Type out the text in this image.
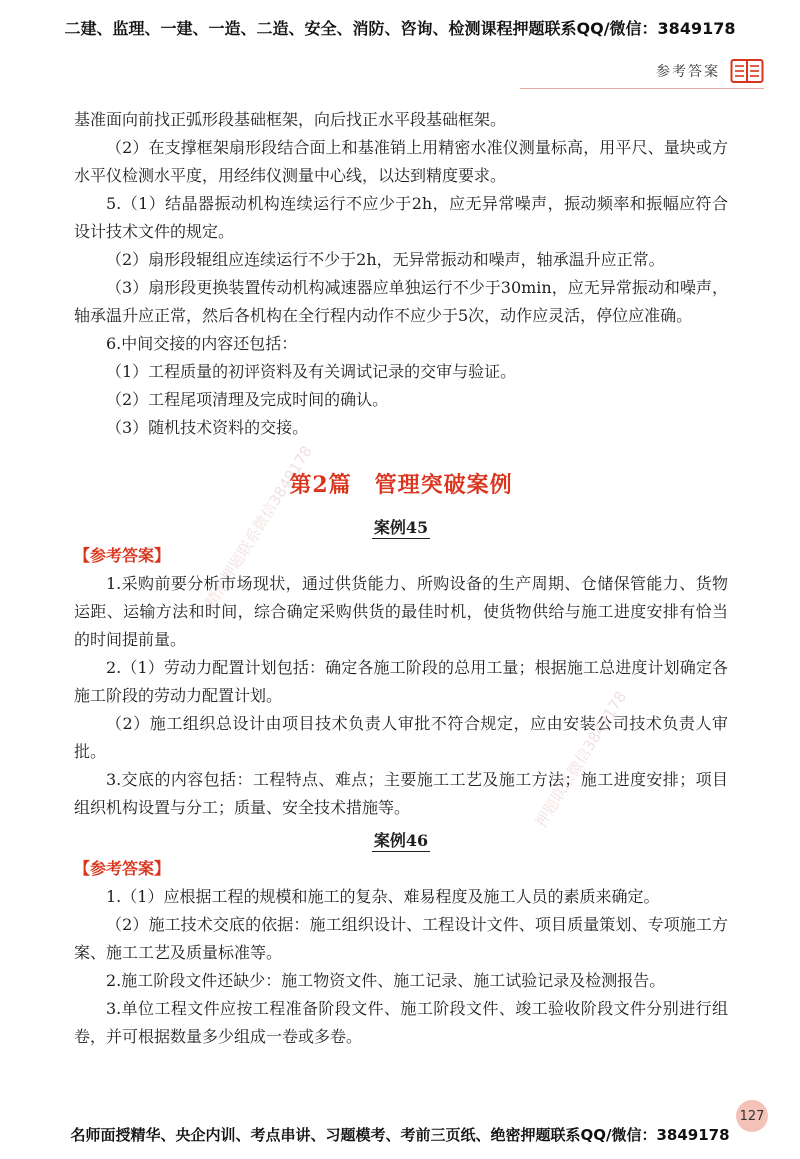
二建、监理、一建、一造、二造、安全、消防、咨询、检测课程押题联系QQ/微信：3849178
参考答案
精准押题联系微信3849178
押题联系微信3849178

基准面向前找正弧形段基础框架，向后找正水平段基础框架。

（2）在支撑框架扇形段结合面上和基准销上用精密水准仪测量标高，用平尺、量块或方水平仪检测水平度，用经纬仪测量中心线，以达到精度要求。

5.（1）结晶器振动机构连续运行不应少于2h，应无异常噪声，振动频率和振幅应符合 设计技术文件的规定。

（2）扇形段辊组应连续运行不少于2h，无异常振动和噪声，轴承温升应正常。

（3）扇形段更换装置传动机构减速器应单独运行不少于30min，应无异常振动和噪声，轴承温升应正常，然后各机构在全行程内动作不应少于5次，动作应灵活，停位应准确。

6.中间交接的内容还包括：

（1）工程质量的初评资料及有关调试记录的交审与验证。

（2）工程尾项清理及完成时间的确认。

（3）随机技术资料的交接。

第2篇　管理突破案例
案例45
【参考答案】

1.采购前要分析市场现状，通过供货能力、所购设备的生产周期、仓储保管能力、货物运距、运输方法和时间，综合确定采购供货的最佳时机，使货物供给与施工进度安排有恰当的时间提前量。

2.（1）劳动力配置计划包括：确定各施工阶段的总用工量；根据施工总进度计划确定各施工阶段的劳动力配置计划。

（2）施工组织总设计由项目技术负责人审批不符合规定，应由安装公司技术负责人审批。

3.交底的内容包括：工程特点、难点；主要施工工艺及施工方法；施工进度安排；项目组织机构设置与分工；质量、安全技术措施等。

案例46
【参考答案】

1.（1）应根据工程的规模和施工的复杂、难易程度及施工人员的素质来确定。

（2）施工技术交底的依据：施工组织设计、工程设计文件、项目质量策划、专项施工方案、施工工艺及质量标准等。

2.施工阶段文件还缺少：施工物资文件、施工记录、施工试验记录及检测报告。

3.单位工程文件应按工程准备阶段文件、施工阶段文件、竣工验收阶段文件分别进行组卷，并可根据数量多少组成一卷或多卷。

127
名师面授精华、央企内训、考点串讲、习题模考、考前三页纸、绝密押题联系QQ/微信：3849178
